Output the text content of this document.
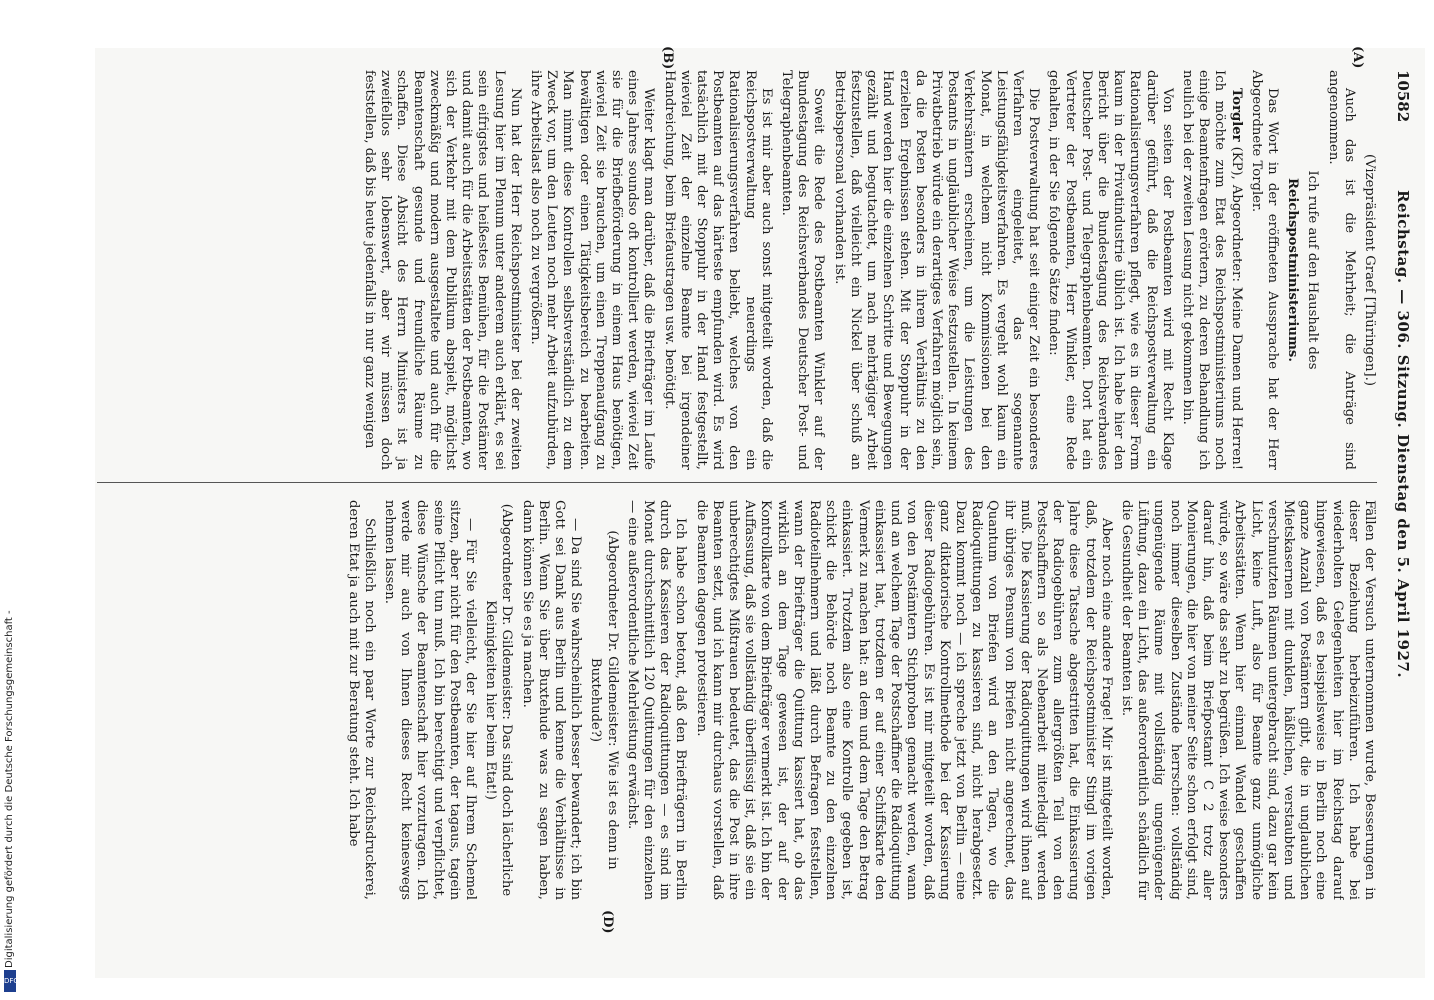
10582
Reichstag. — 306. Sitzung. Dienstag den 5. April 1927.
(A)
(B)
(D)

(Vizepräsident Graef [Thüringen].)

Auch das ist die Mehrheit; die Anträge sind angenommen.

Ich rufe auf den Haushalt des

Reichspostministeriums.

Das Wort in der eröffneten Aussprache hat der Herr Abgeordnete Torgler.

Torgler (KP), Abgeordneter: Meine Damen und Herren! Ich möchte zum Etat des Reichspostministeriums noch einige Beamtenfragen erörtern, zu deren Behandlung ich neulich bei der zweiten Lesung nicht gekommen bin.

Von seiten der Postbeamten wird mit Recht Klage darüber geführt, daß die Reichspostverwaltung ein Rationalisierungsverfahren pflegt, wie es in dieser Form kaum in der Privatindustrie üblich ist. Ich habe hier den Bericht über die Bundestagung des Reichsverbandes Deutscher Post- und Telegraphenbeamten. Dort hat ein Vertreter der Postbeamten, Herr Winkler, eine Rede gehalten, in der Sie folgende Sätze finden:

Die Postverwaltung hat seit einiger Zeit ein besonderes Verfahren eingeleitet, das sogenannte Leistungsfähigkeitsverfahren. Es vergeht wohl kaum ein Monat, in welchem nicht Kommissionen bei den Verkehrsämtern erscheinen, um die Leistungen des Postamts in ungläublicher Weise festzustellen. In keinem Privatbetrieb würde ein derartiges Verfahren möglich sein, da die Posten besonders in ihrem Verhältnis zu den erzielten Ergebnissen stehen. Mit der Stoppuhr in der Hand werden hier die einzelnen Schritte und Bewegungen gezählt und begutachtet, um nach mehrtägiger Arbeit festzustellen, daß vielleicht ein Nickel über schuß an Betriebspersonal vorhanden ist.

Soweit die Rede des Postbeamten Winkler auf der Bundestagung des Reichsverbandes Deutscher Post- und Telegraphenbeamten.

Es ist mir aber auch sonst mitgeteilt worden, daß die Reichspostverwaltung neuerdings ein Rationalisierungsverfahren beliebt, welches von den Postbeamten auf das härteste empfunden wird. Es wird tatsächlich mit der Stoppuhr in der Hand festgestellt, wieviel Zeit der einzelne Beamte bei irgendeiner Handreichung, beim Briefaustragen usw. benötigt.

Weiter klagt man darüber, daß die Briefträger im Laufe eines Jahres soundso oft kontrolliert werden, wieviel Zeit sie für die Briefbeförderung in einem Haus benötigen, wieviel Zeit sie brauchen, um einen Treppenaufgang zu bewältigen oder einen Tätigkeitsbereich zu bearbeiten. Man nimmt diese Kontrollen selbstverständlich zu dem Zweck vor, um den Leuten noch mehr Arbeit aufzubürden, ihre Arbeitslast also noch zu vergrößern.

Nun hat der Herr Reichspostminister bei der zweiten Lesung hier im Plenum unter anderem auch erklärt, es sei sein eifrigstes und heißestes Bemühen, für die Postämter und damit auch für die Arbeitsstätten der Postbeamten, wo sich der Verkehr mit dem Publikum abspielt, möglichst zweckmäßig und modern ausgestaltete und auch für die Beamtenschaft gesunde und freundliche Räume zu schaffen. Diese Absicht des Herrn Ministers ist ja zweifellos sehr lobenswert, aber wir müssen doch feststellen, daß bis heute jedenfalls in nur ganz wenigen

Fällen der Versuch unternommen wurde, Besserungen in dieser Beziehung herbeizuführen. Ich habe bei wiederholten Gelegenheiten hier im Reichstag darauf hingewiesen, daß es beispielsweise in Berlin noch eine ganze Anzahl von Postämtern gibt, die in unglaublichen Mietskasernen mit dunklen, häßlichen, verstaubten und verschmutzten Räumen untergebracht sind, dazu gar kein Licht, keine Luft, also für Beamte ganz unmögliche Arbeitsstätten. Wenn hier einmal Wandel geschaffen würde, so wäre das sehr zu begrüßen. Ich weise besonders darauf hin, daß beim Briefpostamt C 2 trotz aller Monierungen, die hier von meiner Seite schon erfolgt sind, noch immer dieselben Zustände herrschen: vollständig ungenügende Räume mit vollständig ungenügender Lüftung, dazu ein Licht, das außerordentlich schädlich für die Gesundheit der Beamten ist.

Aber noch eine andere Frage! Mir ist mitgeteilt worden, daß, trotzdem der Reichspostminister Stingl im vorigen Jahre diese Tatsache abgestritten hat, die Einkassierung der Radiogebühren zum allergrößten Teil von den Postschaffnern so als Nebenarbeit miterledigt werden muß. Die Kassierung der Radioquittungen wird ihnen auf ihr übriges Pensum von Briefen nicht angerechnet, das Quantum von Briefen wird an den Tagen, wo die Radioquittungen zu kassieren sind, nicht herabgesetzt. Dazu kommt noch — ich spreche jetzt von Berlin — eine ganz diktatorische Kontrollmethode bei der Kassierung dieser Radiogebühren. Es ist mir mitgeteilt worden, daß von den Postämtern Stichproben gemacht werden, wann und an welchem Tage der Postschaffner die Radioquittung einkassiert hat, trotzdem er auf einer Schiffskarte den Vermerk zu machen hat: an dem und dem Tage den Betrag einkassiert. Trotzdem also eine Kontrolle gegeben ist, schickt die Behörde noch Beamte zu den einzelnen Radioteilnehmern und läßt durch Befragen feststellen, wann der Briefträger die Quittung kassiert hat, ob das wirklich an dem Tage gewesen ist, der auf der Kontrollkarte von dem Briefträger vermerkt ist. Ich bin der Auffassung, daß sie vollständig überflüssig ist, daß sie ein unberechtigtes Mißtrauen bedeutet, das die Post in ihre Beamten setzt, und ich kann mir durchaus vorstellen, daß die Beamten dagegen protestieren.

Ich habe schon betont, daß den Briefträgern in Berlin durch das Kassieren der Radioquittungen — es sind im Monat durchschnittlich 120 Quittungen für den einzelnen — eine außerordentliche Mehrleistung erwächst.

(Abgeordneter Dr. Gildemeister: Wie ist es denn in Buxtehude?)

— Da sind Sie wahrscheinlich besser bewandert; ich bin Gott sei Dank aus Berlin und kenne die Verhältnisse in Berlin. Wenn Sie über Buxtehude was zu sagen haben, dann können Sie es ja machen.

(Abgeordneter Dr. Gildemeister: Das sind doch lächerliche Kleinigkeiten hier beim Etat!)

— Für Sie vielleicht, der Sie hier auf Ihrem Schemel sitzen, aber nicht für den Postbeamten, der tagaus, tagein seine Pflicht tun muß. Ich bin berechtigt und verpflichtet, diese Wünsche der Beamtenschaft hier vorzutragen. Ich werde mir auch von Ihnen dieses Recht keineswegs nehmen lassen.

Schließlich noch ein paar Worte zur Reichsdruckerei, deren Etat ja auch mit zur Beratung steht. Ich habe

Digitalisierung gefördert durch die Deutsche Forschungsgemeinschaft -
DFG
